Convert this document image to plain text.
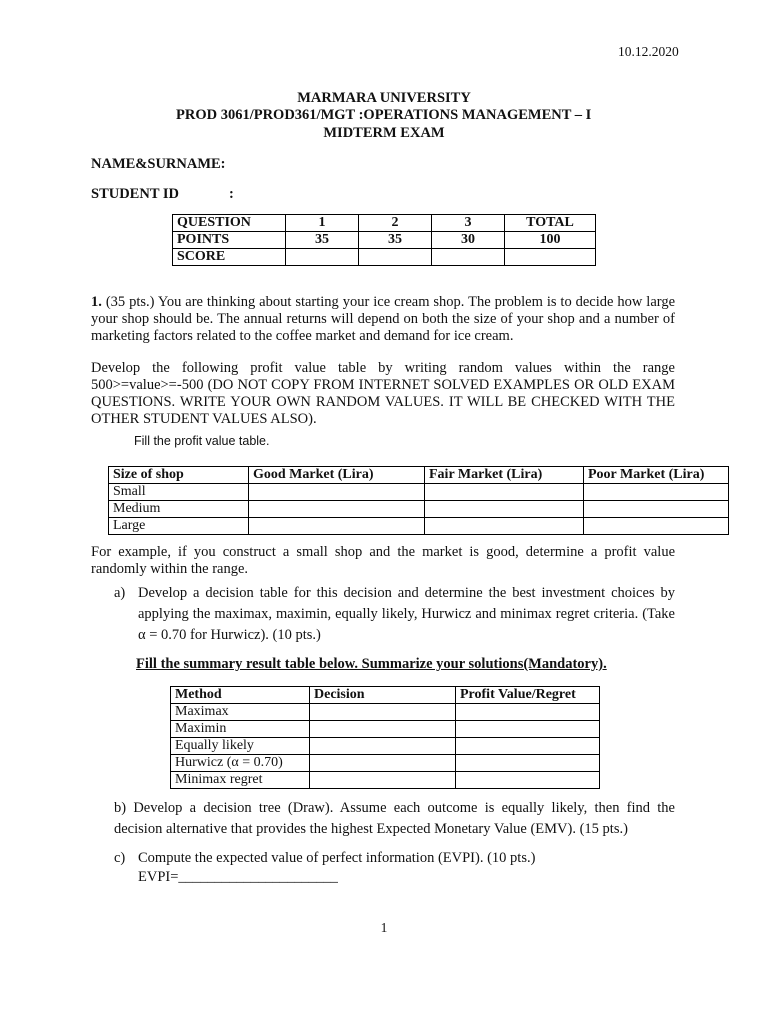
10.12.2020
MARMARA UNIVERSITY
PROD 3061/PROD361/MGT :OPERATIONS MANAGEMENT – I
MIDTERM EXAM
NAME&SURNAME:
STUDENT ID	:
QUESTION	1	2	3	TOTAL
POINTS	35	35	30	100
SCORE				
1. (35 pts.) You are thinking about starting your ice cream shop. The problem is to decide how large your shop should be. The annual returns will depend on both the size of your shop and a number of marketing factors related to the coffee market and demand for ice cream.
Develop the following profit value table by writing random values within the range 500>=value>=-500 (DO NOT COPY FROM INTERNET SOLVED EXAMPLES OR OLD EXAM QUESTIONS. WRITE YOUR OWN RANDOM VALUES. IT WILL BE CHECKED WITH THE OTHER STUDENT VALUES ALSO).
Fill the profit value table.
Size of shop	Good Market (Lira)	Fair Market (Lira)	Poor Market (Lira)
Small			
Medium			
Large			
For example, if you construct a small shop and the market is good, determine a profit value randomly within the range.
a) Develop a decision table for this decision and determine the best investment choices by applying the maximax, maximin, equally likely, Hurwicz and minimax regret criteria. (Take α = 0.70 for Hurwicz). (10 pts.)
Fill the summary result table below. Summarize your solutions(Mandatory).
Method	Decision	Profit Value/Regret
Maximax		
Maximin		
Equally likely		
Hurwicz (α = 0.70)		
Minimax regret		
b) Develop a decision tree (Draw). Assume each outcome is equally likely, then find the decision alternative that provides the highest Expected Monetary Value (EMV). (15 pts.)
c) Compute the expected value of perfect information (EVPI). (10 pts.)
EVPI=______________________
1
